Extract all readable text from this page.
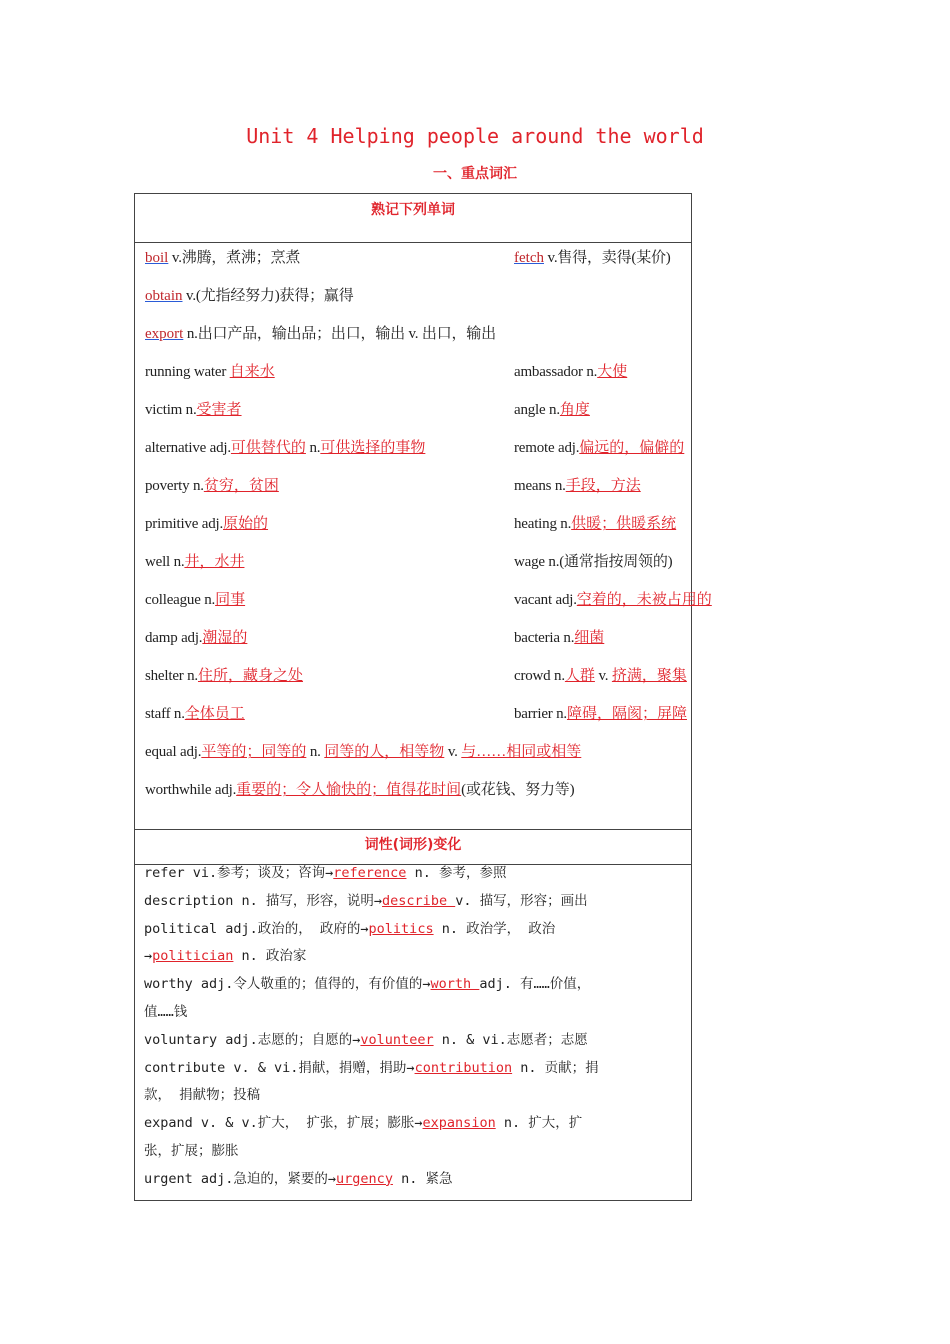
Unit 4 Helping people around the world
一、重点词汇
熟记下列单词
boil v.沸腾，煮沸；烹煮	fetch v.售得，卖得(某价)
obtain v.(尤指经努力)获得；赢得
export n.出口产品，输出品；出口，输出 v. 出口，输出
running water 自来水	ambassador n.大使
victim n.受害者	angle n.角度
alternative adj.可供替代的 n.可供选择的事物	remote adj.偏远的，偏僻的
poverty n.贫穷，贫困	means n.手段，方法
primitive adj.原始的	heating n.供暖；供暖系统
well n.井，水井	wage n.(通常指按周领的)
colleague n.同事	vacant adj.空着的，未被占用的
damp adj.潮湿的	bacteria n.细菌
shelter n.住所，藏身之处	crowd n.人群 v. 挤满，聚集
staff n.全体员工	barrier n.障碍，隔阂；屏障
equal adj.平等的；同等的 n. 同等的人，相等物 v. 与……相同或相等
worthwhile adj.重要的；令人愉快的；值得花时间(或花钱、努力等)
词性(词形)变化
refer vi.参考；谈及；咨询→reference n. 参考，参照
description n. 描写，形容，说明→describe v. 描写，形容；画出
political adj.政治的， 政府的→politics n. 政治学， 政治
→politician n. 政治家
worthy adj.令人敬重的；值得的，有价值的→worth adj. 有……价值，
值……钱
voluntary adj.志愿的；自愿的→volunteer n. & vi.志愿者；志愿
contribute v. & vi.捐献，捐赠，捐助→contribution n. 贡献；捐
款， 捐献物；投稿
expand v. & v.扩大， 扩张，扩展；膨胀→expansion n. 扩大，扩
张，扩展；膨胀
urgent adj.急迫的，紧要的→urgency n. 紧急
